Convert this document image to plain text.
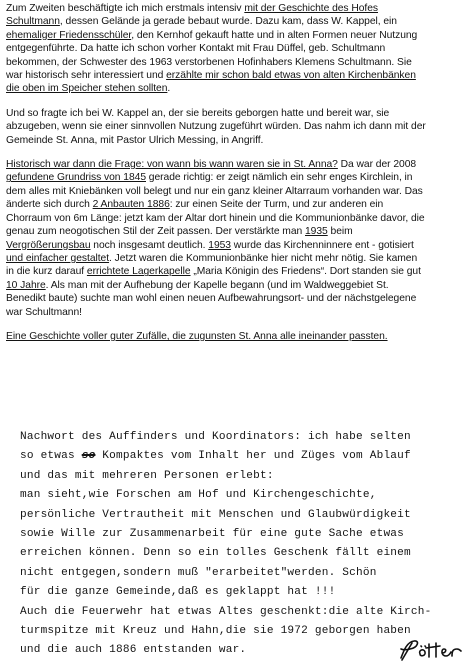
Zum Zweiten beschäftigte ich mich erstmals intensiv mit der Geschichte des Hofes
Schultmann, dessen Gelände ja gerade bebaut wurde. Dazu kam, dass W. Kappel, ein
ehemaliger Friedensschüler, den Kernhof gekauft hatte und in alten Formen neuer Nutzung
entgegenführte. Da hatte ich schon vorher Kontakt mit Frau Düffel, geb. Schultmann
bekommen, der Schwester des 1963 verstorbenen Hofinhabers Klemens Schultmann. Sie
war historisch sehr interessiert und erzählte mir schon bald etwas von alten Kirchenbänken
die oben im Speicher stehen sollten.

Und so fragte ich bei W. Kappel an, der sie bereits geborgen hatte und bereit war, sie
abzugeben, wenn sie einer sinnvollen Nutzung zugeführt würden. Das nahm ich dann mit der
Gemeinde St. Anna, mit Pastor Ulrich Messing, in Angriff.

Historisch war dann die Frage: von wann bis wann waren sie in St. Anna? Da war der 2008
gefundene Grundriss von 1845 gerade richtig: er zeigt nämlich ein sehr enges Kirchlein, in
dem alles mit Kniebänken voll belegt und nur ein ganz kleiner Altarraum vorhanden war. Das
änderte sich durch 2 Anbauten 1886: zur einen Seite der Turm, und zur anderen ein
Chorraum von 6m Länge: jetzt kam der Altar dort hinein und die Kommunionbänke davor, die
genau zum neogotischen Stil der Zeit passen. Der verstärkte man 1935 beim
Vergrößerungsbau noch insgesamt deutlich. 1953 wurde das Kirchenninnere ent - gotisiert
und einfacher gestaltet. Jetzt waren die Kommunionbänke hier nicht mehr nötig. Sie kamen
in die kurz darauf errichtete Lagerkapelle „Maria Königin des Friedens“. Dort standen sie gut
10 Jahre. Als man mit der Aufhebung der Kapelle begann (und im Waldweggebiet St.
Benedikt baute) suchte man wohl einen neuen Aufbewahrungsort- und der nächstgelegene
war Schultmann!

Eine Geschichte voller guter Zufälle, die zugunsten St. Anna alle ineinander passten.

Nachwort des Auffinders und Koordinators: ich habe selten
so etwas so Kompaktes vom Inhalt her und Züges vom Ablauf
und das mit mehreren Personen erlebt:
man sieht,wie Forschen am Hof und Kirchengeschichte,
persönliche Vertrautheit mit Menschen und Glaubwürdigkeit
sowie Wille zur Zusammenarbeit für eine gute Sache etwas
erreichen können. Denn so ein tolles Geschenk fällt einem
nicht entgegen,sondern muß "erarbeitet"werden. Schön
für die ganze Gemeinde,daß es geklappt hat !!!
Auch die Feuerwehr hat etwas Altes geschenkt:die alte Kirch-
turmspitze mit Kreuz und Hahn,die sie 1972 geborgen haben
und die auch 1886 entstanden war.
